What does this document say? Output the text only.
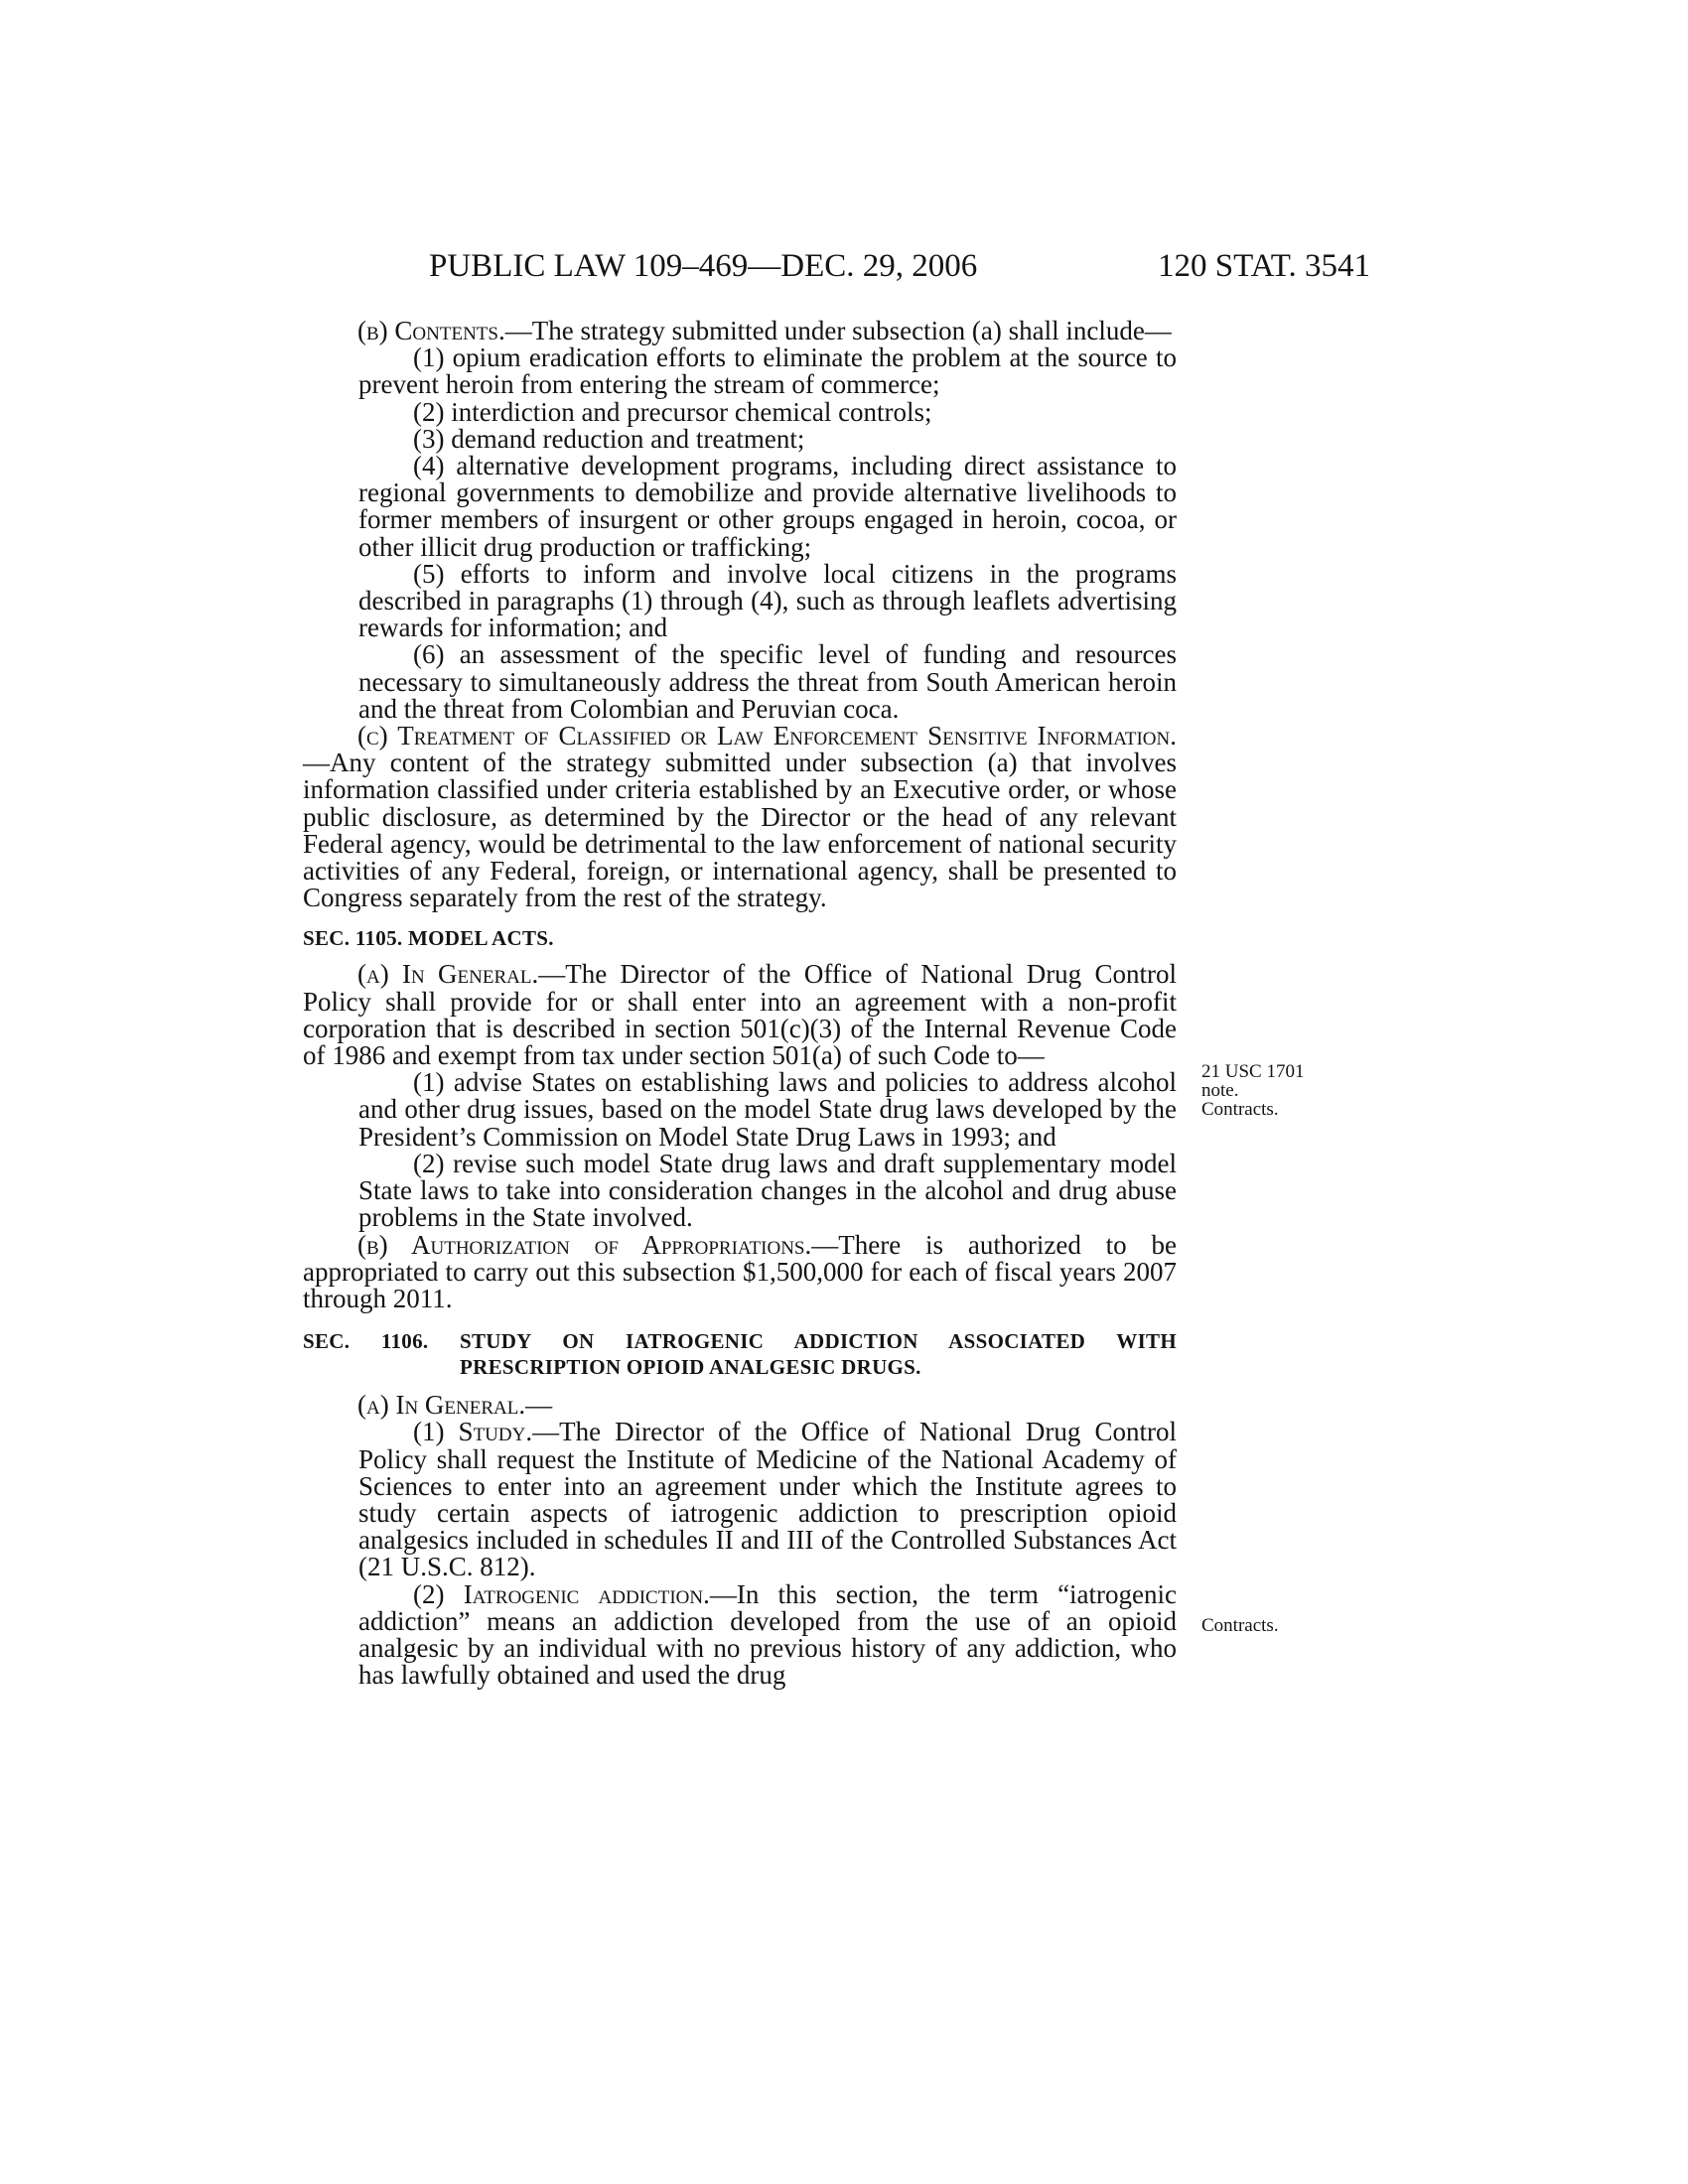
PUBLIC LAW 109–469—DEC. 29, 2006	120 STAT. 3541

(b) Contents.—The strategy submitted under subsection (a) shall include—

(1) opium eradication efforts to eliminate the problem at the source to prevent heroin from entering the stream of commerce;

(2) interdiction and precursor chemical controls;

(3) demand reduction and treatment;

(4) alternative development programs, including direct assistance to regional governments to demobilize and provide alternative livelihoods to former members of insurgent or other groups engaged in heroin, cocoa, or other illicit drug production or trafficking;

(5) efforts to inform and involve local citizens in the programs described in paragraphs (1) through (4), such as through leaflets advertising rewards for information; and

(6) an assessment of the specific level of funding and resources necessary to simultaneously address the threat from South American heroin and the threat from Colombian and Peruvian coca.

(c) Treatment of Classified or Law Enforcement Sensitive Information.—Any content of the strategy submitted under subsection (a) that involves information classified under criteria established by an Executive order, or whose public disclosure, as determined by the Director or the head of any relevant Federal agency, would be detrimental to the law enforcement of national security activities of any Federal, foreign, or international agency, shall be presented to Congress separately from the rest of the strategy.

SEC. 1105. MODEL ACTS.

(a) In General.—The Director of the Office of National Drug Control Policy shall provide for or shall enter into an agreement with a non-profit corporation that is described in section 501(c)(3) of the Internal Revenue Code of 1986 and exempt from tax under section 501(a) of such Code to—

(1) advise States on establishing laws and policies to address alcohol and other drug issues, based on the model State drug laws developed by the President’s Commission on Model State Drug Laws in 1993; and

(2) revise such model State drug laws and draft supplementary model State laws to take into consideration changes in the alcohol and drug abuse problems in the State involved.

(b) Authorization of Appropriations.—There is authorized to be appropriated to carry out this subsection $1,500,000 for each of fiscal years 2007 through 2011.

SEC. 1106. STUDY ON IATROGENIC ADDICTION ASSOCIATED WITH
PRESCRIPTION OPIOID ANALGESIC DRUGS.

(a) In General.—

(1) Study.—The Director of the Office of National Drug Control Policy shall request the Institute of Medicine of the National Academy of Sciences to enter into an agreement under which the Institute agrees to study certain aspects of iatrogenic addiction to prescription opioid analgesics included in schedules II and III of the Controlled Substances Act (21 U.S.C. 812).

(2) Iatrogenic addiction.—In this section, the term “iatrogenic addiction” means an addiction developed from the use of an opioid analgesic by an individual with no previous history of any addiction, who has lawfully obtained and used the drug

21 USC 1701
note.
Contracts.
Contracts.
